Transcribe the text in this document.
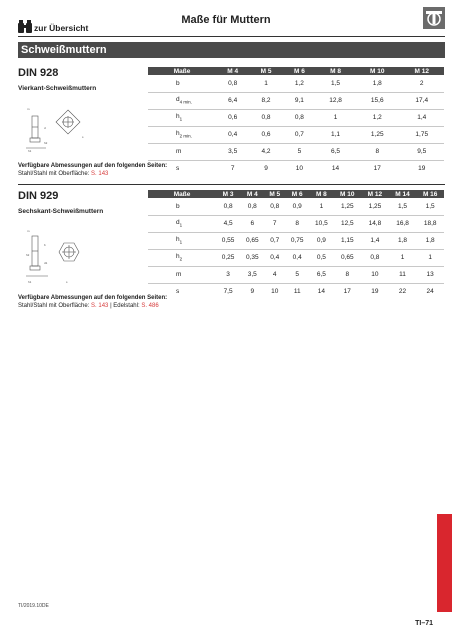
zur Übersicht
Maße für Muttern
Schweißmuttern
DIN 928
Vierkant-Schweißmuttern
m
d
h2
h1
s
Maße	M 4	M 5	M 6	M 8	M 10	M 12
b	0,8	1	1,2	1,5	1,8	2
$d_{4 min.}$	6,4	8,2	9,1	12,8	15,6	17,4
$h_1$	0,6	0,8	0,8	1	1,2	1,4
$h_{2 min.}$	0,4	0,6	0,7	1,1	1,25	1,75
m	3,5	4,2	5	6,5	8	9,5
s	7	9	10	14	17	19
Verfügbare Abmessungen auf den folgenden Seiten:
Stahl/Stahl mit Oberfläche: S. 143
DIN 929
Sechskant-Schweißmuttern
m
b
h2
d1
h1	s
Maße	M 3	M 4	M 5	M 6	M 8	M 10	M 12	M 14	M 16
b	0,8	0,8	0,8	0,9	1	1,25	1,25	1,5	1,5
$d_1$	4,5	6	7	8	10,5	12,5	14,8	16,8	18,8
$h_1$	0,55	0,65	0,7	0,75	0,9	1,15	1,4	1,8	1,8
$h_2$	0,25	0,35	0,4	0,4	0,5	0,65	0,8	1	1
m	3	3,5	4	5	6,5	8	10	11	13
s	7,5	9	10	11	14	17	19	22	24
Verfügbare Abmessungen auf den folgenden Seiten:
Stahl/Stahl mit Oberfläche: S. 143 | Edelstahl: S. 486
TI/2019.10DE
TI–71
